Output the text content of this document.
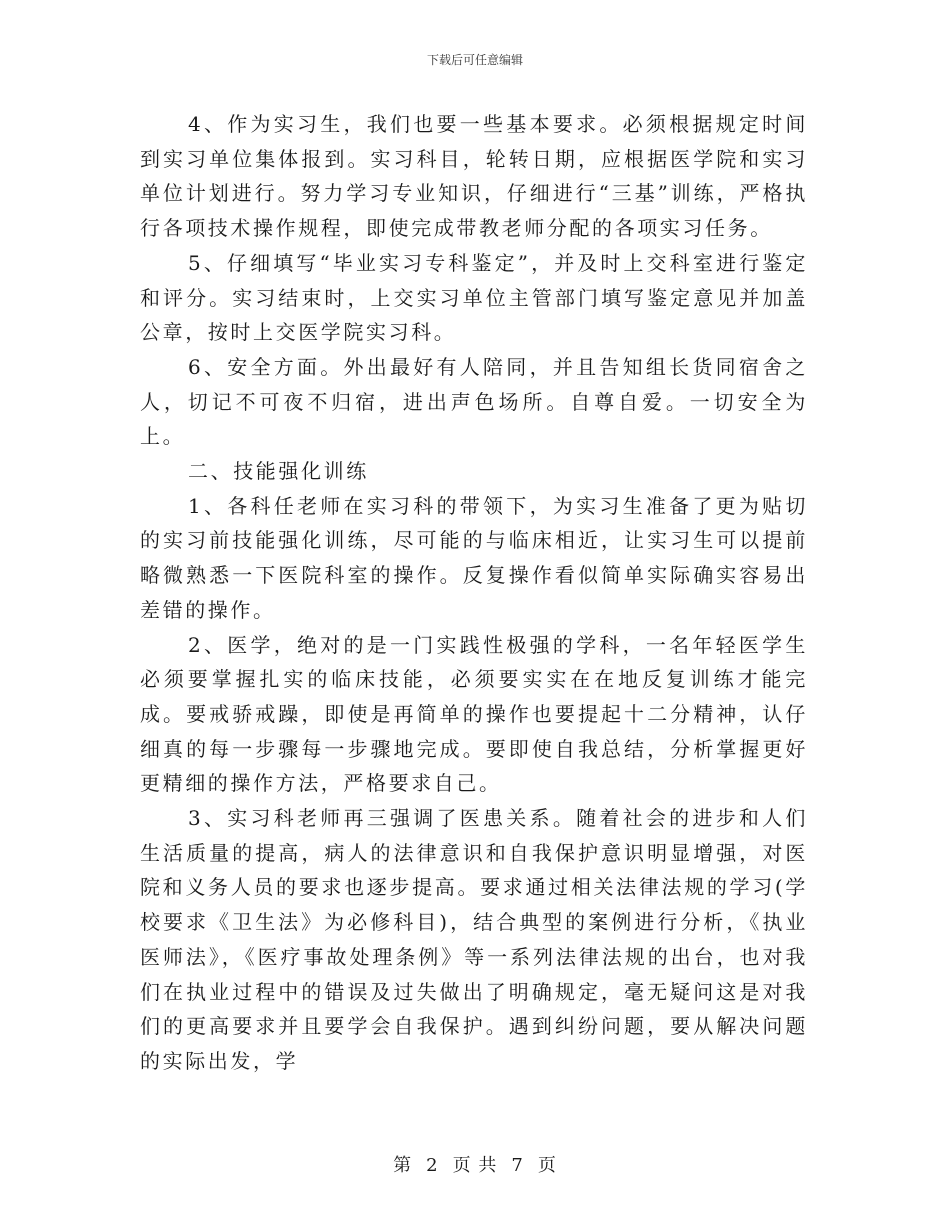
下载后可任意编辑

4、作为实习生，我们也要一些基本要求。必须根据规定时间到实习单位集体报到。实习科目，轮转日期，应根据医学院和实习单位计划进行。努力学习专业知识，仔细进行“三基”训练，严格执行各项技术操作规程，即使完成带教老师分配的各项实习任务。

5、仔细填写“毕业实习专科鉴定”，并及时上交科室进行鉴定和评分。实习结束时，上交实习单位主管部门填写鉴定意见并加盖公章，按时上交医学院实习科。

6、安全方面。外出最好有人陪同，并且告知组长货同宿舍之人，切记不可夜不归宿，进出声色场所。自尊自爱。一切安全为上。

二、技能强化训练

1、各科任老师在实习科的带领下，为实习生准备了更为贴切的实习前技能强化训练，尽可能的与临床相近，让实习生可以提前略微熟悉一下医院科室的操作。反复操作看似简单实际确实容易出差错的操作。

2、医学，绝对的是一门实践性极强的学科，一名年轻医学生必须要掌握扎实的临床技能，必须要实实在在地反复训练才能完成。要戒骄戒躁，即使是再简单的操作也要提起十二分精神，认仔细真的每一步骤每一步骤地完成。要即使自我总结，分析掌握更好更精细的操作方法，严格要求自己。

3、实习科老师再三强调了医患关系。随着社会的进步和人们生活质量的提高，病人的法律意识和自我保护意识明显增强，对医院和义务人员的要求也逐步提高。要求通过相关法律法规的学习(学校要求《卫生法》为必修科目)，结合典型的案例进行分析，《执业医师法》，《医疗事故处理条例》等一系列法律法规的出台，也对我们在执业过程中的错误及过失做出了明确规定，毫无疑问这是对我们的更高要求并且要学会自我保护。遇到纠纷问题，要从解决问题的实际出发，学

第 2 页 共 7 页
